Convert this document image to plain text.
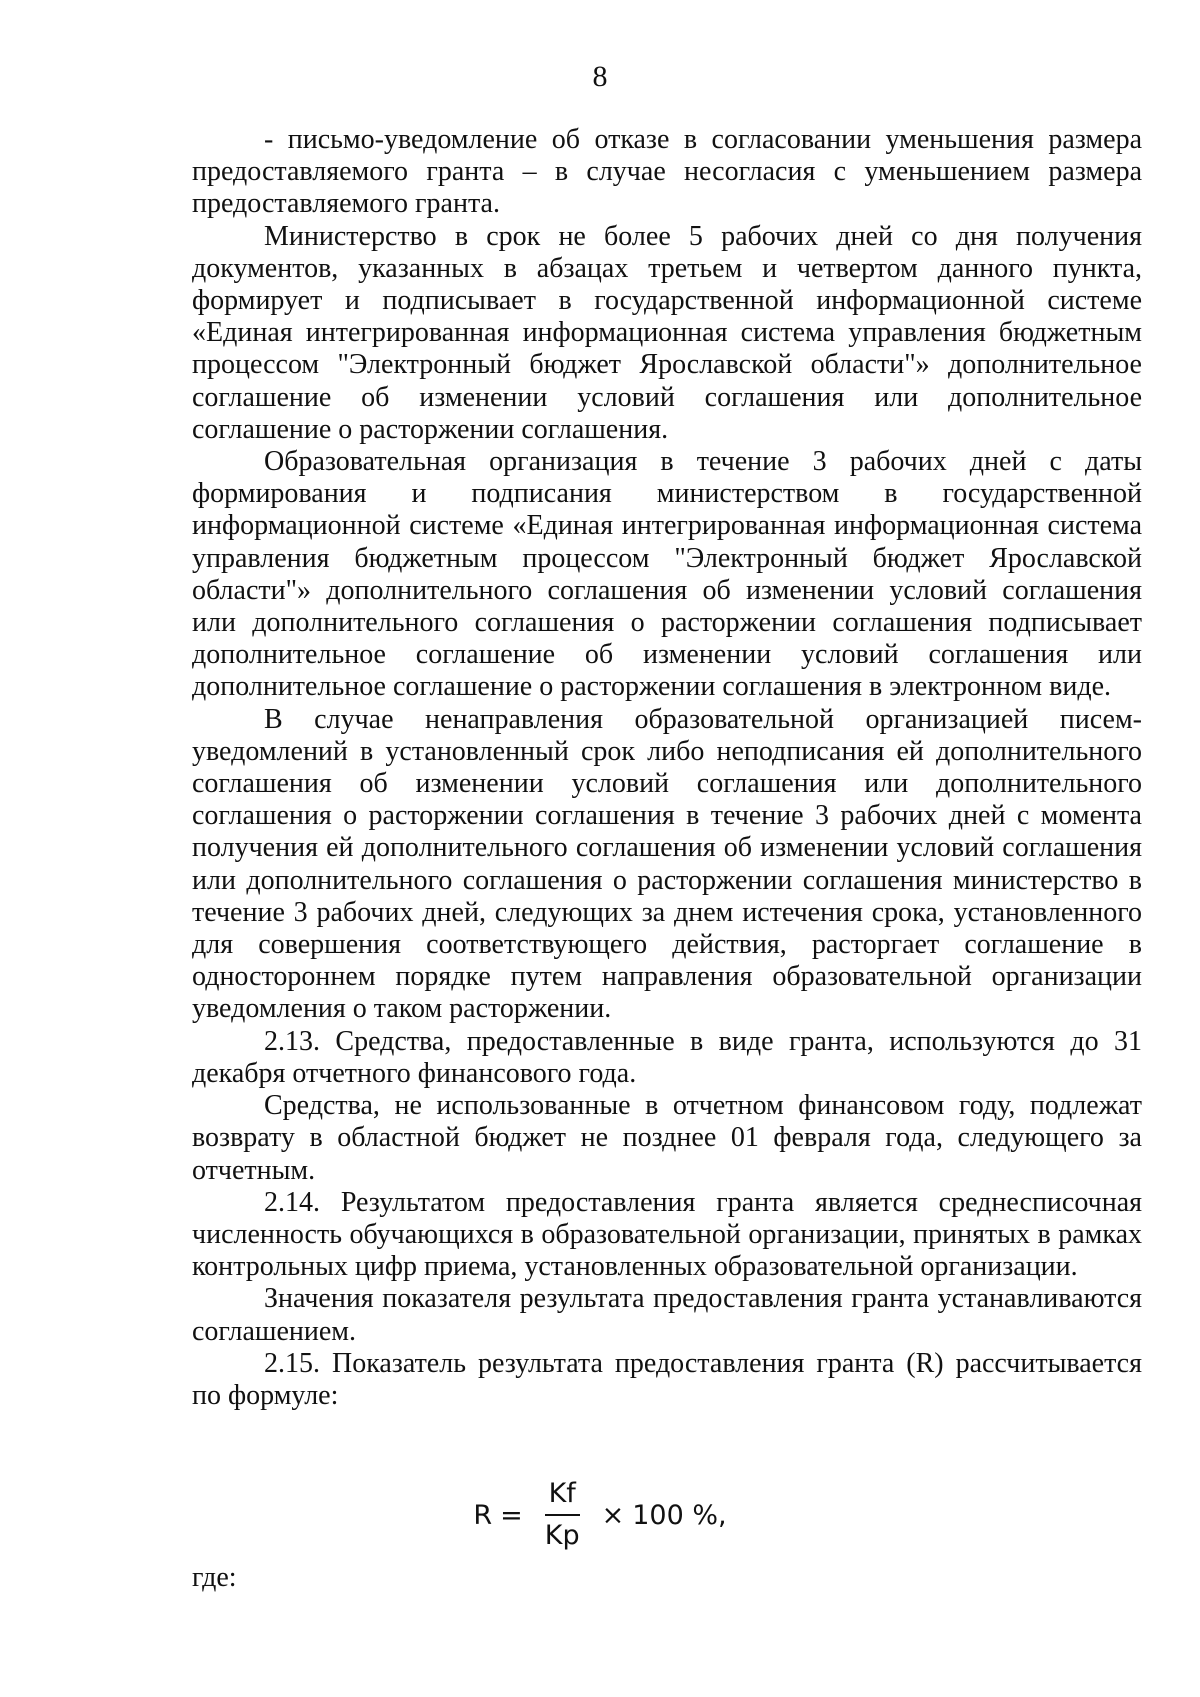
8

- письмо-уведомление об отказе в согласовании уменьшения размера предоставляемого гранта – в случае несогласия с уменьшением размера предоставляемого гранта.

Министерство в срок не более 5 рабочих дней со дня получения документов, указанных в абзацах третьем и четвертом данного пункта, формирует и подписывает в государственной информационной системе «Единая интегрированная информационная система управления бюджетным процессом "Электронный бюджет Ярославской области"» дополнительное соглашение об изменении условий соглашения или дополнительное соглашение о расторжении соглашения.

Образовательная организация в течение 3 рабочих дней с даты формирования и подписания министерством в государственной информационной системе «Единая интегрированная информационная система управления бюджетным процессом "Электронный бюджет Ярославской области"» дополнительного соглашения об изменении условий соглашения или дополнительного соглашения о расторжении соглашения подписывает дополнительное соглашение об изменении условий соглашения или дополнительное соглашение о расторжении соглашения в электронном виде.

В случае ненаправления образовательной организацией писем-уведомлений в установленный срок либо неподписания ей дополнительного соглашения об изменении условий соглашения или дополнительного соглашения о расторжении соглашения в течение 3 рабочих дней с момента получения ей дополнительного соглашения об изменении условий соглашения или дополнительного соглашения о расторжении соглашения министерство в течение 3 рабочих дней, следующих за днем истечения срока, установленного для совершения соответствующего действия, расторгает соглашение в одностороннем порядке путем направления образовательной организации уведомления о таком расторжении.

2.13. Средства, предоставленные в виде гранта, используются до 31 декабря отчетного финансового года.

Средства, не использованные в отчетном финансовом году, подлежат возврату в областной бюджет не позднее 01 февраля года, следующего за отчетным.

2.14. Результатом предоставления гранта является среднесписочная численность обучающихся в образовательной организации, принятых в рамках контрольных цифр приема, установленных образовательной организации.

Значения показателя результата предоставления гранта устанавливаются соглашением.

2.15. Показатель результата предоставления гранта (R) рассчитывается по формуле:

$R = \frac{Kf}{Kp} \times 100$ %,
где:
